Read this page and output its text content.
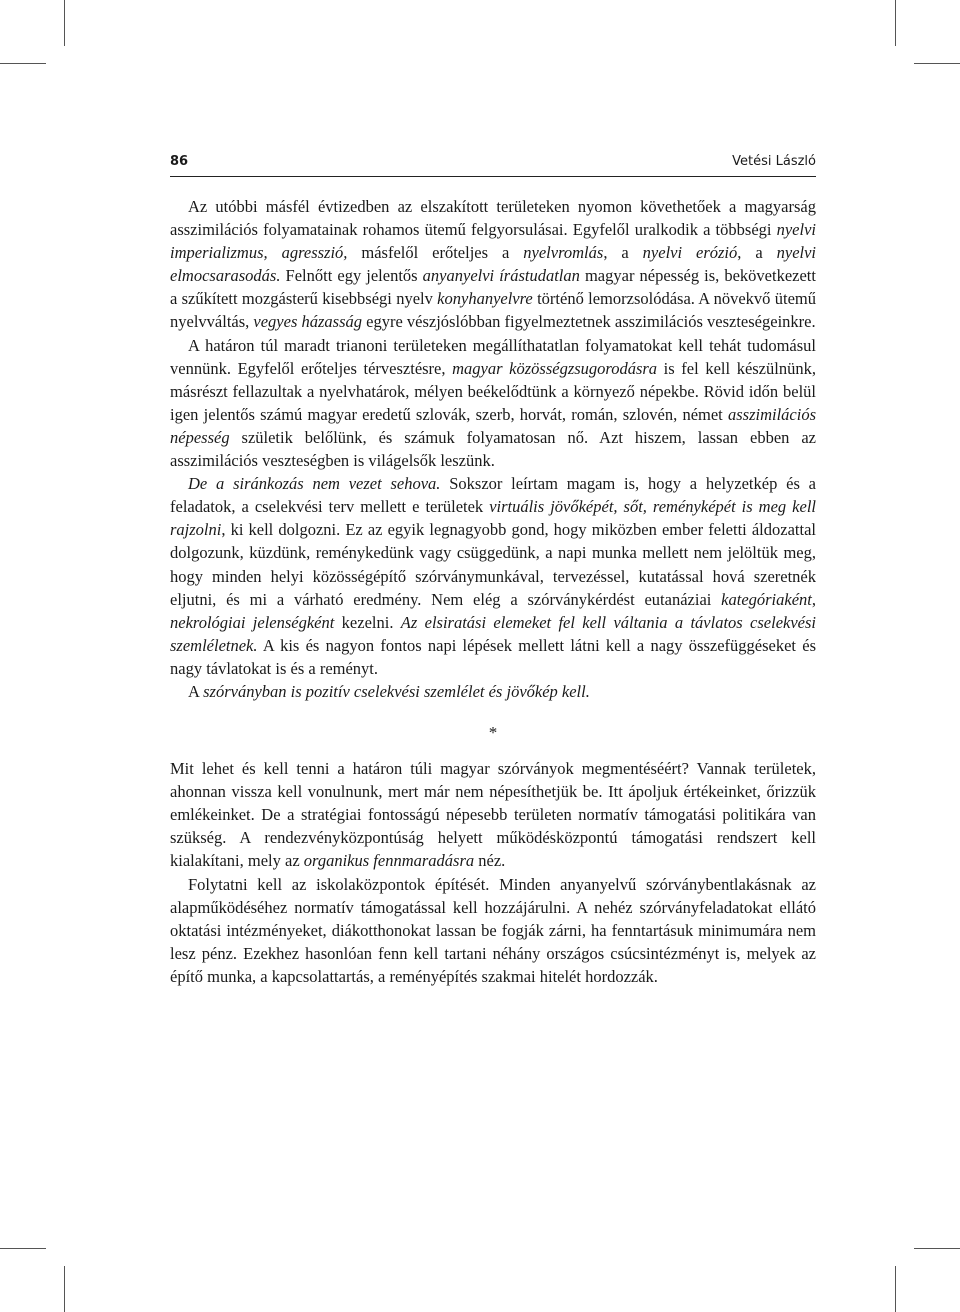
86	Vetési László

Az utóbbi másfél évtizedben az elszakított területeken nyomon követhetőek a magyarság asszimilációs folyamatainak rohamos ütemű felgyorsulásai. Egyfelől uralkodik a többségi nyelvi imperializmus, agresszió, másfelől erőteljes a nyelvromlás, a nyelvi erózió, a nyelvi elmocsarasodás. Felnőtt egy jelentős anyanyelvi írástudatlan magyar népesség is, bekövetkezett a szűkített mozgásterű kisebbségi nyelv konyhanyelvre történő lemorzsolódása. A növekvő ütemű nyelvváltás, vegyes házasság egyre vészjóslóbban figyelmeztetnek asszimilációs veszteségeinkre.

A határon túl maradt trianoni területeken megállíthatatlan folyamatokat kell tehát tudomásul vennünk. Egyfelől erőteljes térvesztésre, magyar közösségzsugorodásra is fel kell készülnünk, másrészt fellazultak a nyelvhatárok, mélyen beékelődtünk a környező népekbe. Rövid időn belül igen jelentős számú magyar eredetű szlovák, szerb, horvát, román, szlovén, német asszimilációs népesség születik belőlünk, és számuk folyamatosan nő. Azt hiszem, lassan ebben az asszimilációs veszteségben is világelsők leszünk.

De a siránkozás nem vezet sehova. Sokszor leírtam magam is, hogy a helyzetkép és a feladatok, a cselekvési terv mellett e területek virtuális jövőképét, sőt, reményképét is meg kell rajzolni, ki kell dolgozni. Ez az egyik legnagyobb gond, hogy miközben ember feletti áldozattal dolgozunk, küzdünk, reménykedünk vagy csüggedünk, a napi munka mellett nem jelöltük meg, hogy minden helyi közösségépítő szórványmunkával, tervezéssel, kutatással hová szeretnék eljutni, és mi a várható eredmény. Nem elég a szórványkérdést eutanáziai kategóriaként, nekrológiai jelenségként kezelni. Az elsiratási elemeket fel kell váltania a távlatos cselekvési szemléletnek. A kis és nagyon fontos napi lépések mellett látni kell a nagy összefüggéseket és nagy távlatokat is és a reményt.

A szórványban is pozitív cselekvési szemlélet és jövőkép kell.

*

Mit lehet és kell tenni a határon túli magyar szórványok megmentéséért? Vannak területek, ahonnan vissza kell vonulnunk, mert már nem népesíthetjük be. Itt ápoljuk értékeinket, őrizzük emlékeinket. De a stratégiai fontosságú népesebb területen normatív támogatási politikára van szükség. A rendezvényközpontúság helyett működésközpontú támogatási rendszert kell kialakítani, mely az organikus fennmaradásra néz.

Folytatni kell az iskolaközpontok építését. Minden anyanyelvű szórványbentlakásnak az alapműködéséhez normatív támogatással kell hozzájárulni. A nehéz szórványfeladatokat ellátó oktatási intézményeket, diákotthonokat lassan be fogják zárni, ha fenntartásuk minimumára nem lesz pénz. Ezekhez hasonlóan fenn kell tartani néhány országos csúcsintézményt is, melyek az építő munka, a kapcsolattartás, a reményépítés szakmai hitelét hordozzák.
